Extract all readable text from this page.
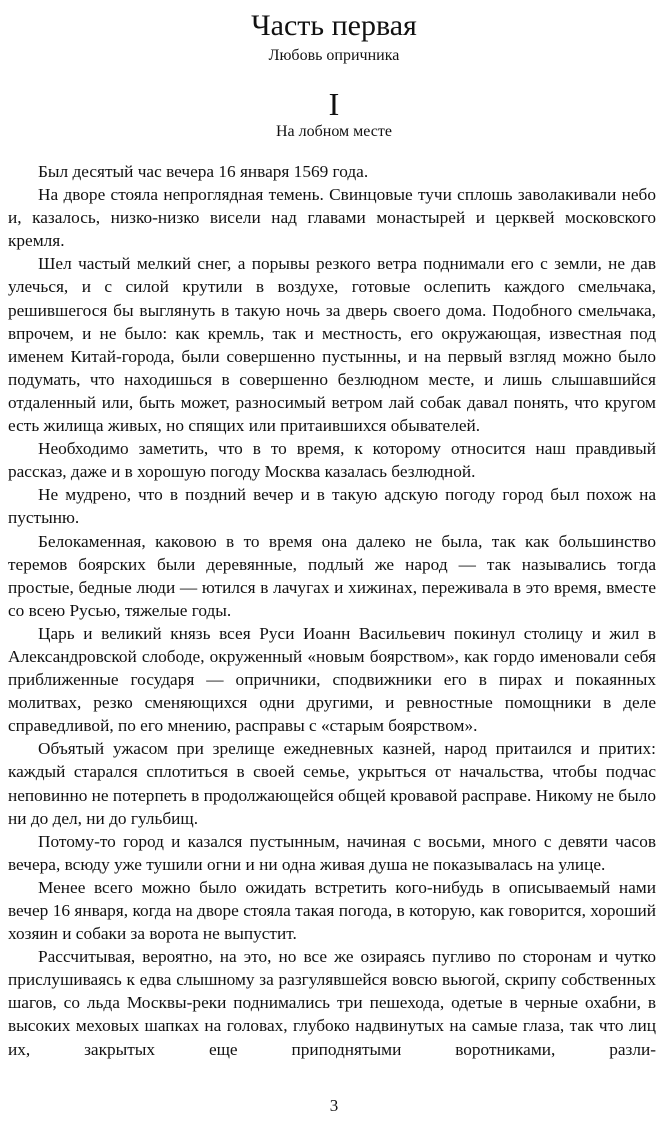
Часть первая
Любовь опричника
I
На лобном месте

Был десятый час вечера 16 января 1569 года.

На дворе стояла непроглядная темень. Свинцовые тучи сплошь заволакивали небо и, казалось, низко-низко висели над главами монастырей и церквей московского кремля.

Шел частый мелкий снег, а порывы резкого ветра поднимали его с земли, не дав улечься, и с силой крутили в воздухе, готовые ослепить каждого смельчака, решившегося бы выглянуть в такую ночь за дверь своего дома. Подобного смельчака, впрочем, и не было: как кремль, так и местность, его окружающая, известная под именем Китай-города, были совершенно пустынны, и на первый взгляд можно было подумать, что находишься в совершенно безлюдном месте, и лишь слышавшийся отдаленный или, быть может, разносимый ветром лай собак давал понять, что кругом есть жилища живых, но спящих или притаившихся обывателей.

Необходимо заметить, что в то время, к которому относится наш правдивый рассказ, даже и в хорошую погоду Москва казалась безлюдной.

Не мудрено, что в поздний вечер и в такую адскую погоду город был похож на пустыню.

Белокаменная, каковою в то время она далеко не была, так как большинство теремов боярских были деревянные, подлый же народ — так назывались тогда простые, бедные люди — ютился в лачугах и хижинах, переживала в это время, вместе со всею Русью, тяжелые годы.

Царь и великий князь всея Руси Иоанн Васильевич покинул столицу и жил в Александровской слободе, окруженный «новым боярством», как гордо именовали себя приближенные государя — опричники, сподвижники его в пирах и покаянных молитвах, резко сменяющихся одни другими, и ревностные помощники в деле справедливой, по его мнению, расправы с «старым боярством».

Объятый ужасом при зрелище ежедневных казней, народ притаился и притих: каждый старался сплотиться в своей семье, укрыться от начальства, чтобы подчас неповинно не потерпеть в продолжающейся общей кровавой расправе. Никому не было ни до дел, ни до гульбищ.

Потому-то город и казался пустынным, начиная с восьми, много с девяти часов вечера, всюду уже тушили огни и ни одна живая душа не показывалась на улице.

Менее всего можно было ожидать встретить кого-нибудь в описываемый нами вечер 16 января, когда на дворе стояла такая погода, в которую, как говорится, хороший хозяин и собаки за ворота не выпустит.

Рассчитывая, вероятно, на это, но все же озираясь пугливо по сторонам и чутко прислушиваясь к едва слышному за разгулявшейся вовсю вьюгой, скрипу собственных шагов, со льда Москвы-реки поднимались три пешехода, одетые в черные охабни, в высоких меховых шапках на головах, глубоко надвинутых на самые глаза, так что лиц их, закрытых еще приподнятыми воротниками, разли-

3
